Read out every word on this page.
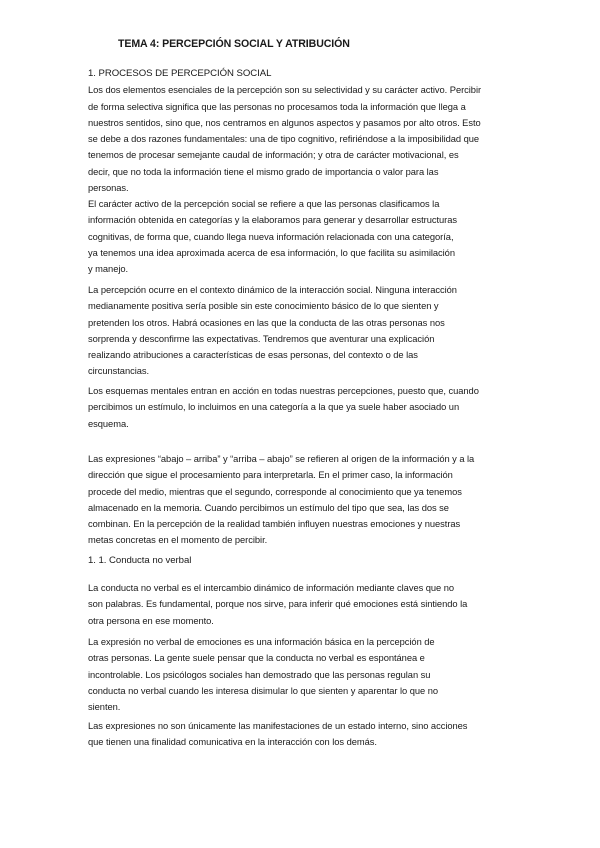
TEMA 4: PERCEPCIÓN SOCIAL Y ATRIBUCIÓN
1. PROCESOS DE PERCEPCIÓN SOCIAL
Los dos elementos esenciales de la percepción son su selectividad y su carácter activo. Percibir
de forma selectiva significa que las personas no procesamos toda la información que llega a
nuestros sentidos, sino que, nos centramos en algunos aspectos y pasamos por alto otros. Esto
se debe a dos razones fundamentales: una de tipo cognitivo, refiriéndose a la imposibilidad que
tenemos de procesar semejante caudal de información; y otra de carácter motivacional, es
decir, que no toda la información tiene el mismo grado de importancia o valor para las
personas.
El carácter activo de la percepción social se refiere a que las personas clasificamos la
información obtenida en categorías y la elaboramos para generar y desarrollar estructuras
cognitivas, de forma que, cuando llega nueva información relacionada con una categoría,
ya tenemos una idea aproximada acerca de esa información, lo que facilita su asimilación
y manejo.
La percepción ocurre en el contexto dinámico de la interacción social. Ninguna interacción
medianamente positiva sería posible sin este conocimiento básico de lo que sienten y
pretenden los otros. Habrá ocasiones en las que la conducta de las otras personas nos
sorprenda y desconfirme las expectativas. Tendremos que aventurar una explicación
realizando atribuciones a características de esas personas, del contexto o de las
circunstancias.
Los esquemas mentales entran en acción en todas nuestras percepciones, puesto que, cuando
percibimos un estímulo, lo incluimos en una categoría a la que ya suele haber asociado un
esquema.
Las expresiones “abajo – arriba” y “arriba – abajo” se refieren al origen de la información y a la
dirección que sigue el procesamiento para interpretarla. En el primer caso, la información
procede del medio, mientras que el segundo, corresponde al conocimiento que ya tenemos
almacenado en la memoria. Cuando percibimos un estímulo del tipo que sea, las dos se
combinan. En la percepción de la realidad también influyen nuestras emociones y nuestras
metas concretas en el momento de percibir.
1. 1. Conducta no verbal
La conducta no verbal es el intercambio dinámico de información mediante claves que no
son palabras. Es fundamental, porque nos sirve, para inferir qué emociones está sintiendo la
otra persona en ese momento.
La expresión no verbal de emociones es una información básica en la percepción de
otras personas. La gente suele pensar que la conducta no verbal es espontánea e
incontrolable. Los psicólogos sociales han demostrado que las personas regulan su
conducta no verbal cuando les interesa disimular lo que sienten y aparentar lo que no
sienten.
Las expresiones no son únicamente las manifestaciones de un estado interno, sino acciones
que tienen una finalidad comunicativa en la interacción con los demás.
